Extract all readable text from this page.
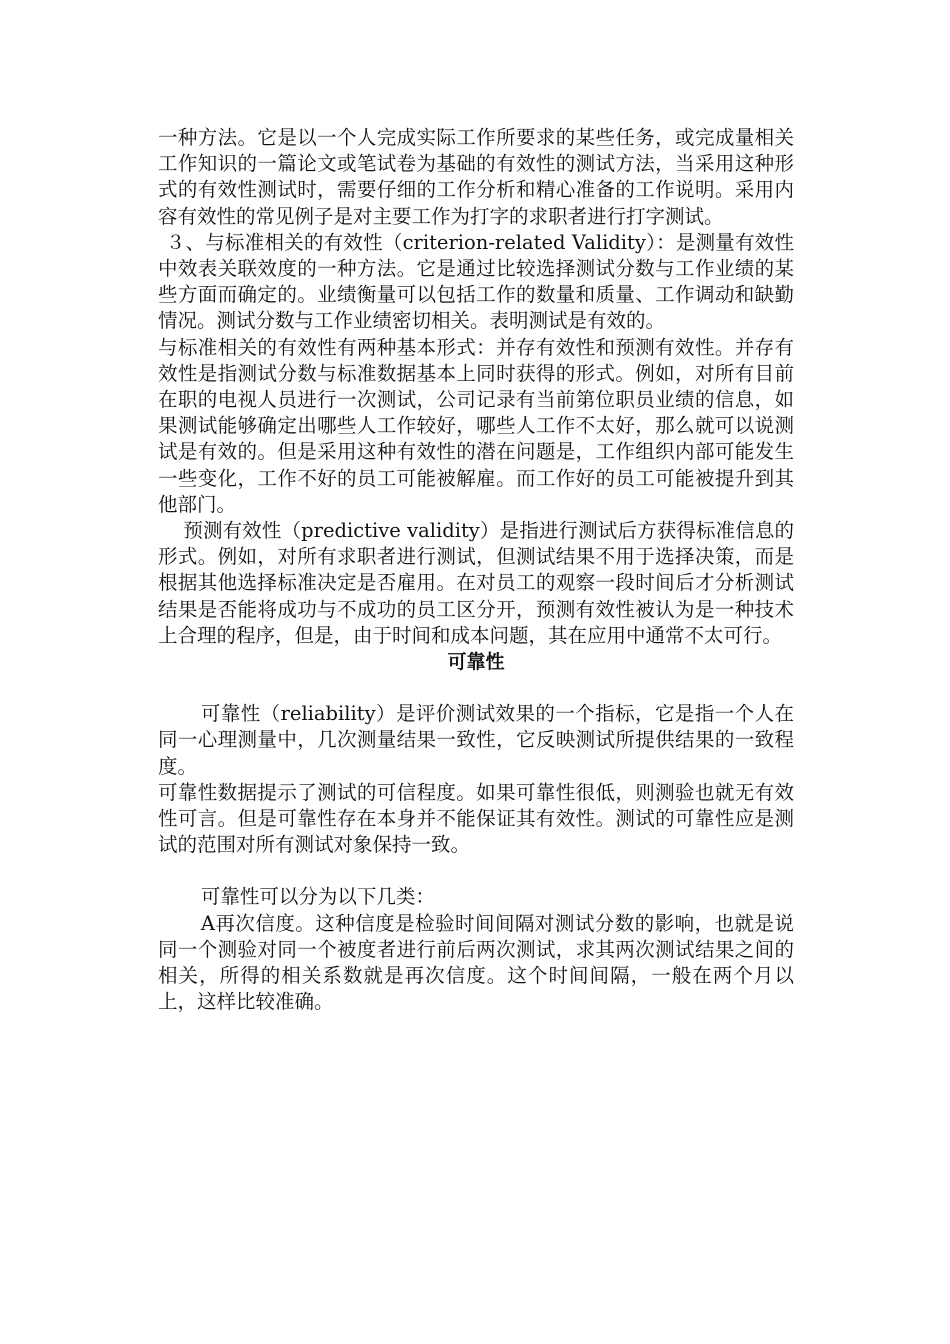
一种方法。它是以一个人完成实际工作所要求的某些任务，或完成量相关工作知识的一篇论文或笔试卷为基础的有效性的测试方法，当采用这种形式的有效性测试时，需要仔细的工作分析和精心准备的工作说明。采用内容有效性的常见例子是对主要工作为打字的求职者进行打字测试。

３、与标准相关的有效性（criterion-related Validity）：是测量有效性中效表关联效度的一种方法。它是通过比较选择测试分数与工作业绩的某些方面而确定的。业绩衡量可以包括工作的数量和质量、工作调动和缺勤情况。测试分数与工作业绩密切相关。表明测试是有效的。

与标准相关的有效性有两种基本形式：并存有效性和预测有效性。并存有效性是指测试分数与标准数据基本上同时获得的形式。例如，对所有目前在职的电视人员进行一次测试，公司记录有当前第位职员业绩的信息，如果测试能够确定出哪些人工作较好，哪些人工作不太好，那么就可以说测试是有效的。但是采用这种有效性的潜在问题是，工作组织内部可能发生一些变化，工作不好的员工可能被解雇。而工作好的员工可能被提升到其他部门。

预测有效性（predictive validity）是指进行测试后方获得标准信息的形式。例如，对所有求职者进行测试，但测试结果不用于选择决策，而是根据其他选择标准决定是否雇用。在对员工的观察一段时间后才分析测试结果是否能将成功与不成功的员工区分开，预测有效性被认为是一种技术上合理的程序，但是，由于时间和成本问题，其在应用中通常不太可行。

可靠性

可靠性（reliability）是评价测试效果的一个指标，它是指一个人在同一心理测量中，几次测量结果一致性，它反映测试所提供结果的一致程度。

可靠性数据提示了测试的可信程度。如果可靠性很低，则测验也就无有效性可言。但是可靠性存在本身并不能保证其有效性。测试的可靠性应是测试的范围对所有测试对象保持一致。

可靠性可以分为以下几类：

A再次信度。这种信度是检验时间间隔对测试分数的影响，也就是说同一个测验对同一个被度者进行前后两次测试，求其两次测试结果之间的相关，所得的相关系数就是再次信度。这个时间间隔，一般在两个月以上，这样比较准确。
